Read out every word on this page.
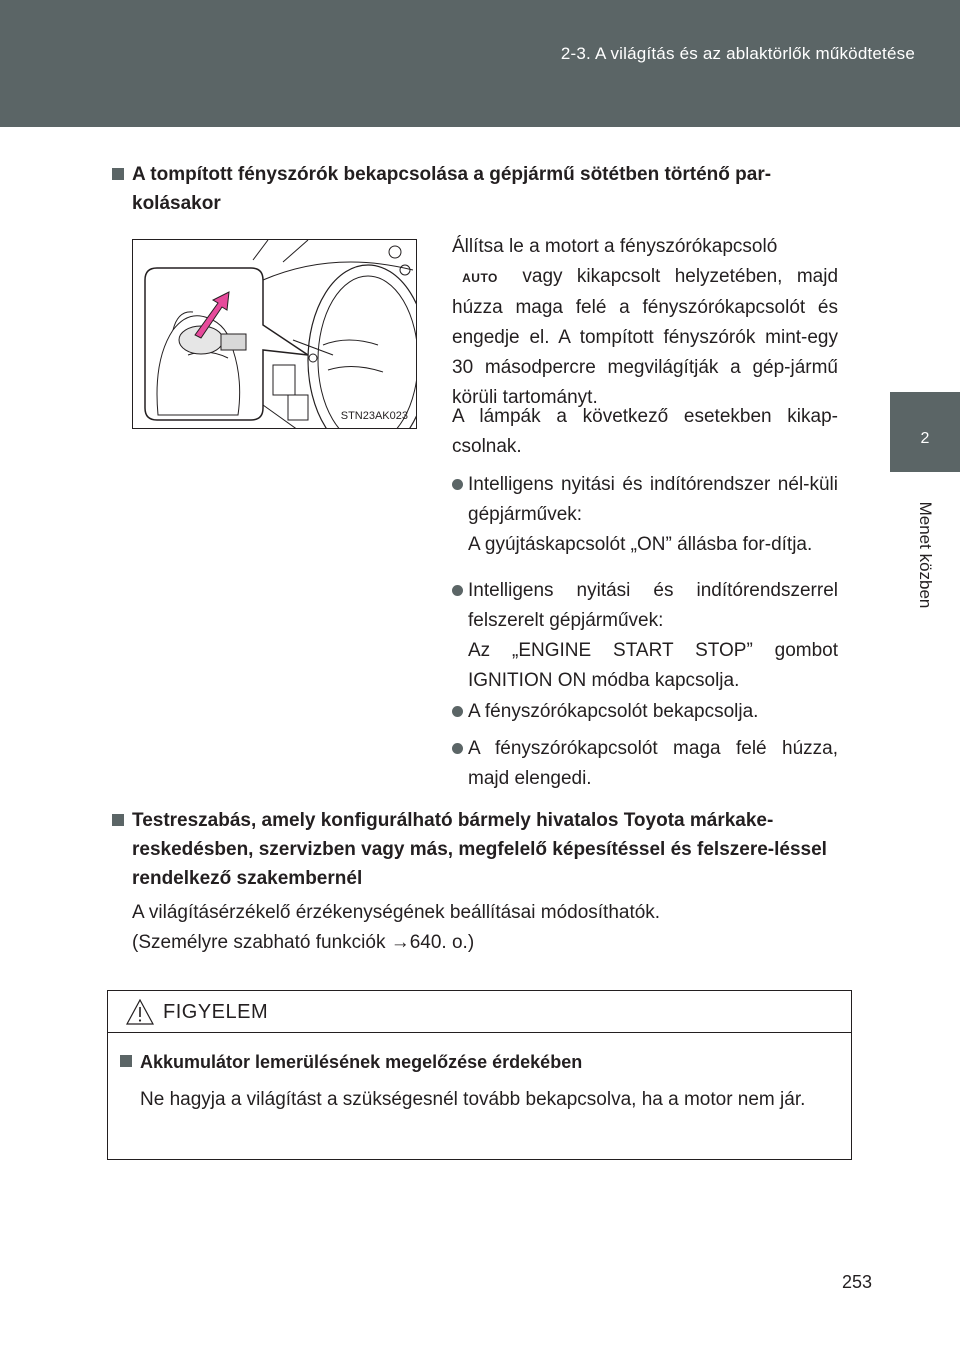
2-3. A világítás és az ablaktörlők működtetése
2
Menet közben
A tompított fényszórók bekapcsolása a gépjármű sötétben történő par-kolásakor
STN23AK023
Állítsa le a motort a fényszórókapcsoló
AUTO vagy kikapcsolt helyzetében, majd húzza maga felé a fényszórókapcsolót és engedje el. A tompított fényszórók mint-egy 30 másodpercre megvilágítják a gép-jármű körüli tartományt.
A lámpák a következő esetekben kikap-csolnak.
Intelligens nyitási és indítórendszer nél-küli gépjárművek:
A gyújtáskapcsolót „ON” állásba for-dítja.
Intelligens nyitási és indítórendszerrel felszerelt gépjárművek:
Az „ENGINE START STOP” gombot IGNITION ON módba kapcsolja.
A fényszórókapcsolót bekapcsolja.
A fényszórókapcsolót maga felé húzza, majd elengedi.
Testreszabás, amely konfigurálható bármely hivatalos Toyota márkake-reskedésben, szervizben vagy más, megfelelő képesítéssel és felszere-léssel rendelkező szakembernél
A világításérzékelő érzékenységének beállításai módosíthatók.
(Személyre szabható funkciók →640. o.)
FIGYELEM
Akkumulátor lemerülésének megelőzése érdekében
Ne hagyja a világítást a szükségesnél tovább bekapcsolva, ha a motor nem jár.
253
